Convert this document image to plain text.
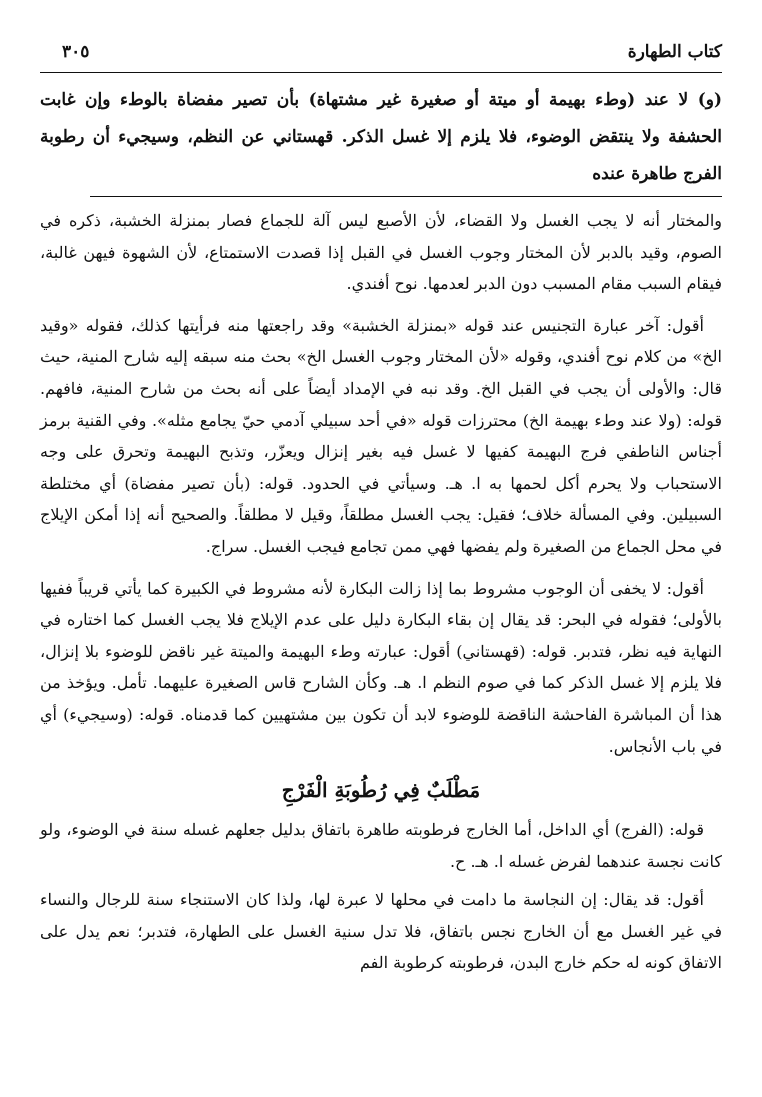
كتاب الطهارة
٣٠٥

(و) لا عند (وطء بهيمة أو ميتة أو صغيرة غير مشتهاة) بأن تصير مفضاة بالوطء وإن غابت الحشفة ولا ينتقض الوضوء، فلا يلزم إلا غسل الذكر. قهستاني عن النظم، وسيجيء أن رطوبة الفرج طاهرة عنده

والمختار أنه لا يجب الغسل ولا القضاء، لأن الأصبع ليس آلة للجماع فصار بمنزلة الخشبة، ذكره في الصوم، وقيد بالدبر لأن المختار وجوب الغسل في القبل إذا قصدت الاستمتاع، لأن الشهوة فيهن غالبة، فيقام السبب مقام المسبب دون الدبر لعدمها. نوح أفندي.

أقول: آخر عبارة التجنيس عند قوله «بمنزلة الخشبة» وقد راجعتها منه فرأيتها كذلك، فقوله «وقيد الخ» من كلام نوح أفندي، وقوله «لأن المختار وجوب الغسل الخ» بحث منه سبقه إليه شارح المنية، حيث قال: والأولى أن يجب في القبل الخ. وقد نبه في الإمداد أيضاً على أنه بحث من شارح المنية، فافهم. قوله: (ولا عند وطء بهيمة الخ) محترزات قوله «في أحد سبيلي آدمي حيّ يجامع مثله». وفي القنية برمز أجناس الناطفي فرج البهيمة كفيها لا غسل فيه بغير إنزال ويعزّر، وتذبح البهيمة وتحرق على وجه الاستحباب ولا يحرم أكل لحمها به ا. هـ. وسيأتي في الحدود. قوله: (بأن تصير مفضاة) أي مختلطة السبيلين. وفي المسألة خلاف؛ فقيل: يجب الغسل مطلقاً، وقيل لا مطلقاً. والصحيح أنه إذا أمكن الإيلاج في محل الجماع من الصغيرة ولم يفضها فهي ممن تجامع فيجب الغسل. سراج.

أقول: لا يخفى أن الوجوب مشروط بما إذا زالت البكارة لأنه مشروط في الكبيرة كما يأتي قريباً ففيها بالأولى؛ فقوله في البحر: قد يقال إن بقاء البكارة دليل على عدم الإيلاج فلا يجب الغسل كما اختاره في النهاية فيه نظر، فتدبر. قوله: (قهستاني) أقول: عبارته وطء البهيمة والميتة غير ناقض للوضوء بلا إنزال، فلا يلزم إلا غسل الذكر كما في صوم النظم ا. هـ. وكأن الشارح قاس الصغيرة عليهما. تأمل. ويؤخذ من هذا أن المباشرة الفاحشة الناقضة للوضوء لابد أن تكون بين مشتهيين كما قدمناه. قوله: (وسيجيء) أي في باب الأنجاس.

مَطْلَبٌ فِي رُطُوبَةِ الْفَرْجِ

قوله: (الفرج) أي الداخل، أما الخارج فرطوبته طاهرة باتفاق بدليل جعلهم غسله سنة في الوضوء، ولو كانت نجسة عندهما لفرض غسله ا. هـ. ح.

أقول: قد يقال: إن النجاسة ما دامت في محلها لا عبرة لها، ولذا كان الاستنجاء سنة للرجال والنساء في غير الغسل مع أن الخارج نجس باتفاق، فلا تدل سنية الغسل على الطهارة، فتدبر؛ نعم يدل على الاتفاق كونه له حكم خارج البدن، فرطوبته كرطوبة الفم
